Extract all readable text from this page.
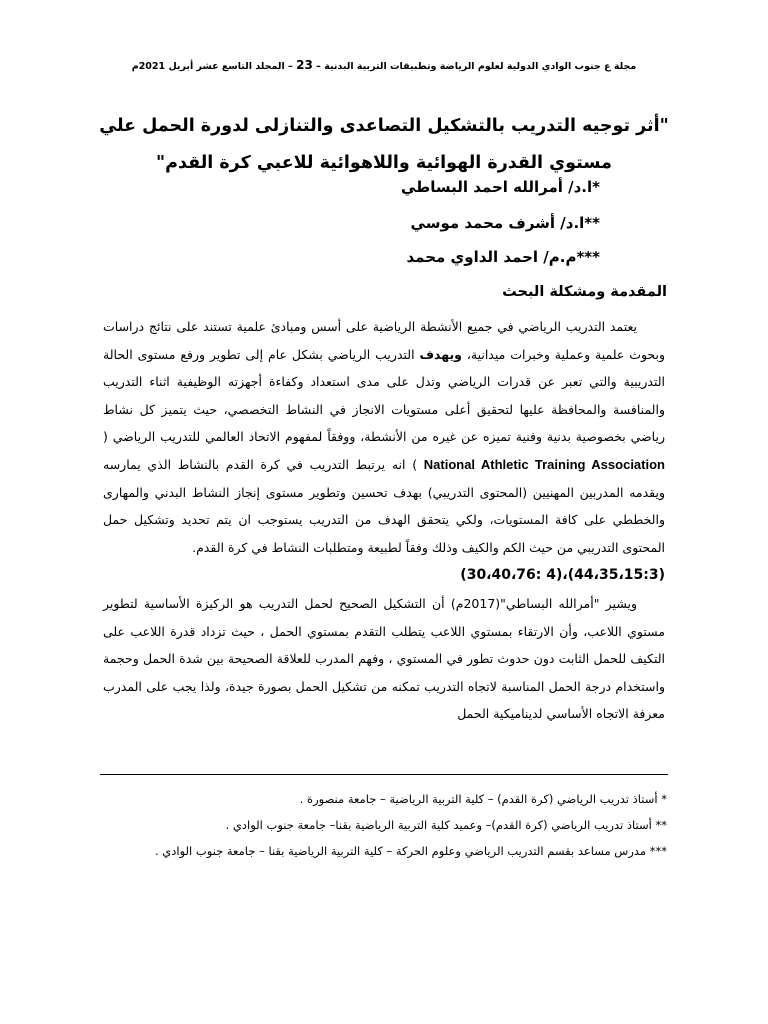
مجلة ع جنوب الوادي الدولية لعلوم الرياضة وتطبيقات التربية البدنية – 23 – المجلد التاسع عشر أبريل 2021م
"أثر توجيه التدريب بالتشكيل التصاعدى والتنازلى لدورة الحمل علي
مستوي القدرة الهوائية واللاهوائية للاعبي كرة القدم"
*ا.د/ أمرالله احمد البساطي
**ا.د/ أشرف محمد موسي
***م.م/ احمد الداوي محمد
المقدمة ومشكلة البحث

يعتمد التدريب الرياضي في جميع الأنشطة الرياضية على أسس ومبادئ علمية تستند على نتائج دراسات وبحوث علمية وعملية وخبرات ميدانية، ويهدف التدريب الرياضي بشكل عام إلى تطوير ورفع مستوى الحالة التدريبية والتي تعبر عن قدرات الرياضي وتدل على مدى استعداد وكفاءة أجهزته الوظيفية اثناء التدريب والمنافسة والمحافظة عليها لتحقيق أعلى مستويات الانجاز في النشاط التخصصي، حيث يتميز كل نشاط رياضي بخصوصية بدنية وفنية تميزه عن غيره من الأنشطة، ووفقاً لمفهوم الاتحاد العالمي للتدريب الرياضي ( National Athletic Training Association ) انه يرتبط التدريب في كرة القدم بالنشاط الذي يمارسه ويقدمه المدربين المهنيين (المحتوى التدريبي) بهدف تحسين وتطوير مستوى إنجاز النشاط البدني والمهارى والخططي على كافة المستويات، ولكي يتحقق الهدف من التدريب يستوجب ان يتم تحديد وتشكيل حمل المحتوى التدريبي من حيث الكم والكيف وذلك وفقاً لطبيعة ومتطلبات النشاط في كرة القدم.

(44،35،15:3)،(4 :30،40،76)

ويشير "أمرالله البساطي"(2017م) أن التشكيل الصحيح لحمل التدريب هو الركيزة الأساسية لتطوير مستوي اللاعب، وأن الارتقاء بمستوي اللاعب يتطلب التقدم بمستوي الحمل ، حيث تزداد قدرة اللاعب على التكيف للحمل الثابت دون حدوث تطور في المستوي ، وفهم المدرب للعلاقة الصحيحة بين شدة الحمل وحجمة واستخدام درجة الحمل المناسبة لاتجاه التدريب تمكنه من تشكيل الحمل بصورة جيدة، ولذا يجب على المدرب معرفة الاتجاه الأساسي لديناميكية الحمل

* أستاذ تدريب الرياضي (كرة القدم) – كلية التربية الرياضية – جامعة منصورة .

** أستاذ تدريب الرياضي (كرة القدم)– وعميد كلية التربية الرياضية بقنا– جامعة جنوب الوادي .

*** مدرس مساعد بقسم التدريب الرياضي وعلوم الحركة – كلية التربية الرياضية بقنا – جامعة جنوب الوادي .
